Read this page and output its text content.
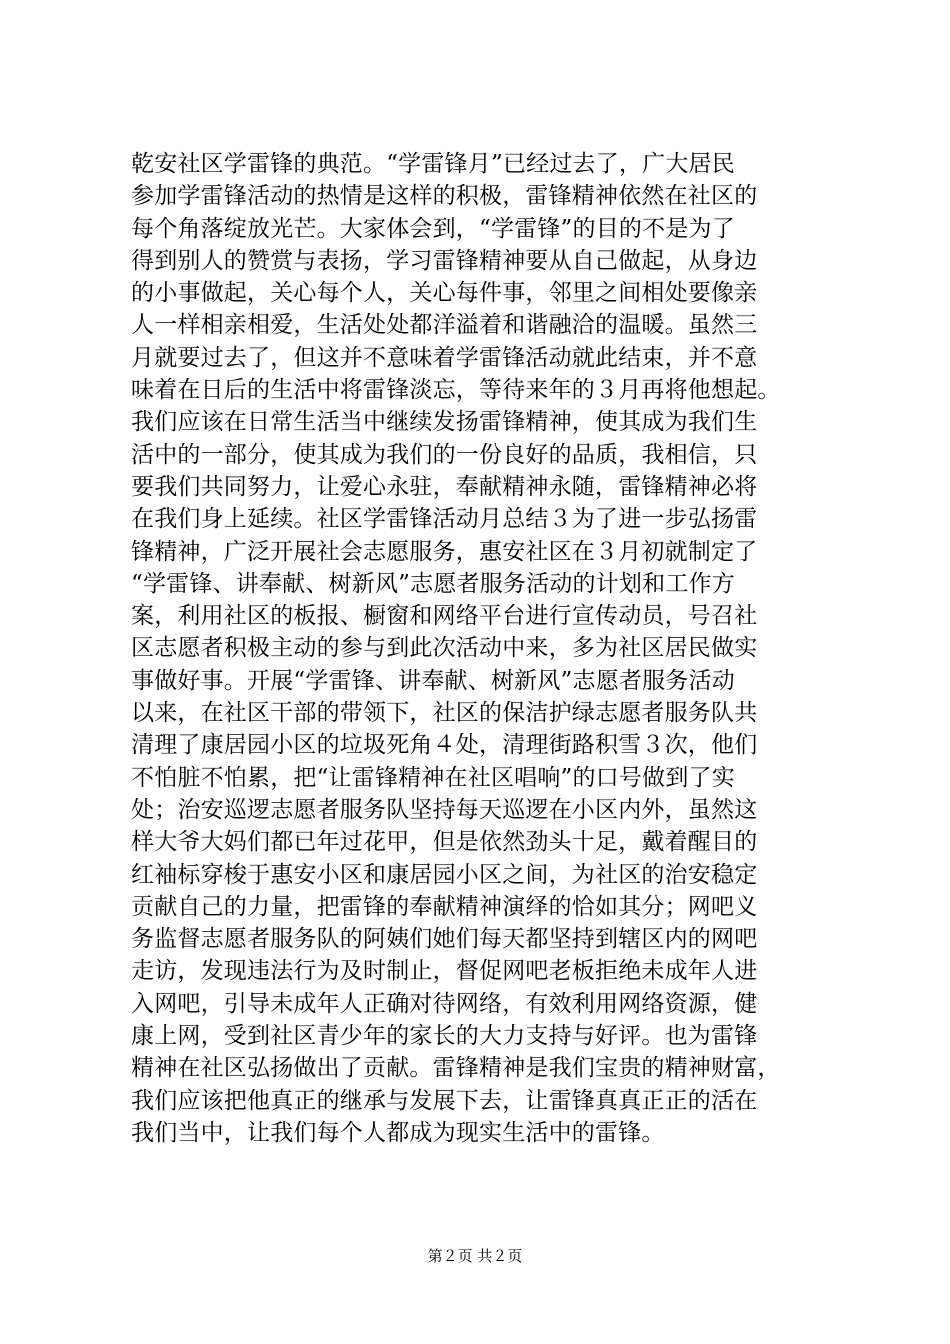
乾安社区学雷锋的典范。“学雷锋月”已经过去了，广大居民
参加学雷锋活动的热情是这样的积极，雷锋精神依然在社区的
每个角落绽放光芒。大家体会到，“学雷锋”的目的不是为了
得到别人的赞赏与表扬，学习雷锋精神要从自己做起，从身边
的小事做起，关心每个人，关心每件事，邻里之间相处要像亲
人一样相亲相爱，生活处处都洋溢着和谐融洽的温暖。虽然三
月就要过去了，但这并不意味着学雷锋活动就此结束，并不意
味着在日后的生活中将雷锋淡忘，等待来年的３月再将他想起。
我们应该在日常生活当中继续发扬雷锋精神，使其成为我们生
活中的一部分，使其成为我们的一份良好的品质，我相信，只
要我们共同努力，让爱心永驻，奉献精神永随，雷锋精神必将
在我们身上延续。社区学雷锋活动月总结３为了进一步弘扬雷
锋精神，广泛开展社会志愿服务，惠安社区在３月初就制定了
“学雷锋、讲奉献、树新风”志愿者服务活动的计划和工作方
案，利用社区的板报、橱窗和网络平台进行宣传动员，号召社
区志愿者积极主动的参与到此次活动中来，多为社区居民做实
事做好事。开展“学雷锋、讲奉献、树新风”志愿者服务活动
以来，在社区干部的带领下，社区的保洁护绿志愿者服务队共
清理了康居园小区的垃圾死角４处，清理街路积雪３次，他们
不怕脏不怕累，把“让雷锋精神在社区唱响”的口号做到了实
处；治安巡逻志愿者服务队坚持每天巡逻在小区内外，虽然这
样大爷大妈们都已年过花甲，但是依然劲头十足，戴着醒目的
红袖标穿梭于惠安小区和康居园小区之间，为社区的治安稳定
贡献自己的力量，把雷锋的奉献精神演绎的恰如其分；网吧义
务监督志愿者服务队的阿姨们她们每天都坚持到辖区内的网吧
走访，发现违法行为及时制止，督促网吧老板拒绝未成年人进
入网吧，引导未成年人正确对待网络，有效利用网络资源，健
康上网，受到社区青少年的家长的大力支持与好评。也为雷锋
精神在社区弘扬做出了贡献。雷锋精神是我们宝贵的精神财富，
我们应该把他真正的继承与发展下去，让雷锋真真正正的活在
我们当中，让我们每个人都成为现实生活中的雷锋。
第２页 共２页
